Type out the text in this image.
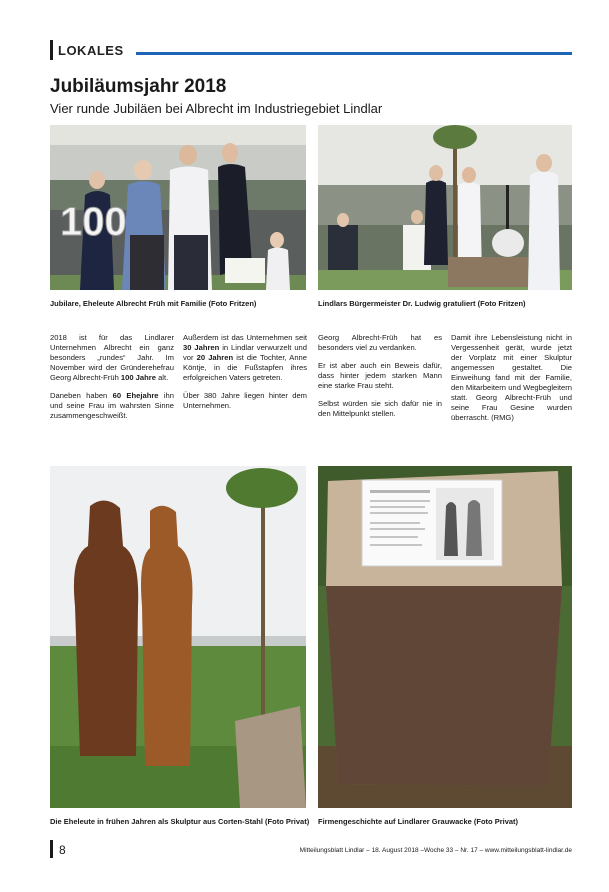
LOKALES
Jubiläumsjahr 2018
Vier runde Jubiläen bei Albrecht im Industriegebiet Lindlar
100
Jubilare, Eheleute Albrecht Früh mit Familie (Foto Fritzen)	Lindlars Bürgermeister Dr. Ludwig gratuliert (Foto Fritzen)

2018 ist für das Lindlarer Unternehmen Albrecht ein ganz besonders „rundes“ Jahr. Im November wird der Gründerehefrau Georg Albrecht-Früh 100 Jahre alt.

Daneben haben 60 Ehejahre ihn und seine Frau im wahrsten Sinne zusammengeschweißt.

Außerdem ist das Unternehmen seit 30 Jahren in Lindlar verwurzelt und vor 20 Jahren ist die Tochter, Anne Köntje, in die Fußstapfen ihres erfolgreichen Vaters getreten.

Über 380 Jahre liegen hinter dem Unternehmen.

Georg Albrecht-Früh hat es besonders viel zu verdanken.

Er ist aber auch ein Beweis dafür, dass hinter jedem starken Mann eine starke Frau steht.

Selbst würden sie sich dafür nie in den Mittelpunkt stellen.

Damit ihre Lebensleistung nicht in Vergessenheit gerät, wurde jetzt der Vorplatz mit einer Skulptur angemessen gestaltet. Die Einweihung fand mit der Familie, den Mitarbeitern und Wegbegleitern statt. Georg Albrecht-Früh und seine Frau Gesine wurden überrascht. (RMG)

Die Eheleute in frühen Jahren als Skulptur aus Corten-Stahl (Foto Privat) Firmengeschichte auf Lindlarer Grauwacke (Foto Privat)
8	Mitteilungsblatt Lindlar – 18. August 2018 –Woche 33 – Nr. 17 – www.mitteilungsblatt-lindlar.de
